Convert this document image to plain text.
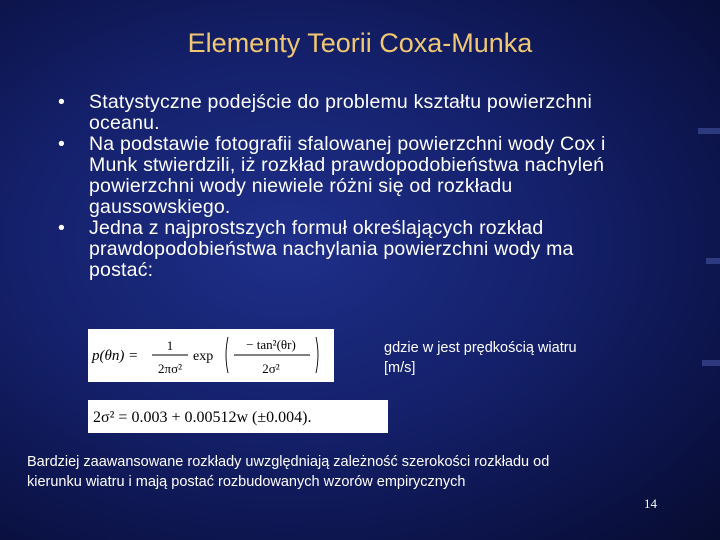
Elementy Teorii Coxa-Munka
• Statystyczne podejście do problemu kształtu powierzchni oceanu.
• Na podstawie fotografii sfalowanej powierzchni wody Cox i Munk stwierdzili, iż rozkład prawdopodobieństwa nachyleń powierzchni wody niewiele różni się od rozkładu gaussowskiego.
• Jedna z najprostszych formuł określających rozkład prawdopodobieństwa nachylania powierzchni wody ma postać:
p(θn) =
1
2πσ²
exp
− tan²(θr)
2σ²
gdzie w jest prędkością wiatru [m/s]
2σ² = 0.003 + 0.00512w (±0.004).
Bardziej zaawansowane rozkłady uwzględniają zależność szerokości rozkładu od kierunku wiatru i mają postać rozbudowanych wzorów empirycznych
14
